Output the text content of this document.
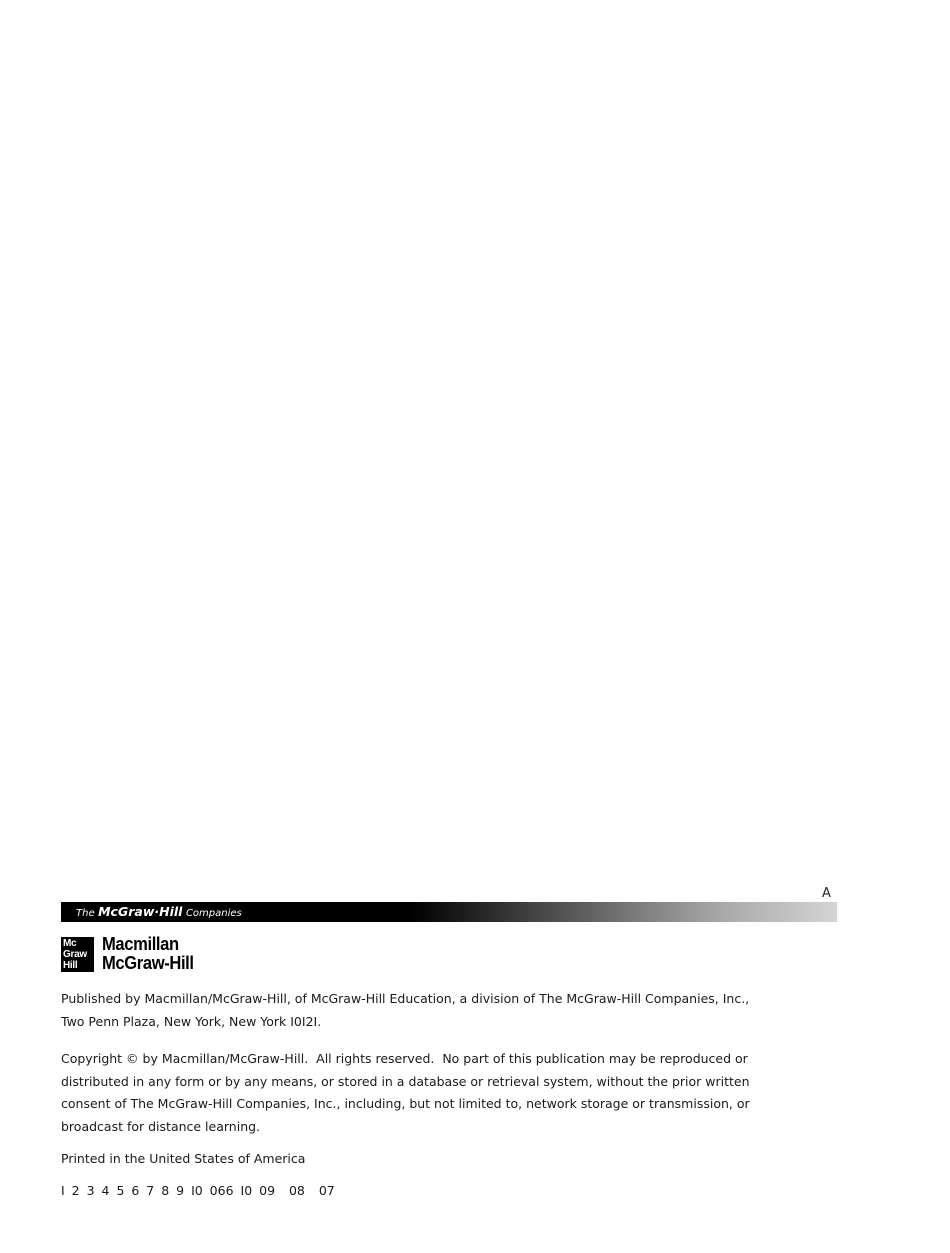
A
The McGraw·Hill Companies
Mc
Graw
Hill
Macmillan
McGraw-Hill
Published by Macmillan/McGraw-Hill, of McGraw-Hill Education, a division of The McGraw-Hill Companies, Inc.,
Two Penn Plaza, New York, New York I0I2I.
Copyright © by Macmillan/McGraw-Hill.  All rights reserved.  No part of this publication may be reproduced or
distributed in any form or by any means, or stored in a database or retrieval system, without the prior written
consent of The McGraw-Hill Companies, Inc., including, but not limited to, network storage or transmission, or
broadcast for distance learning.
Printed in the United States of America
I 2 3 4 5 6 7 8 9 I0 066 I0 09  08  07
